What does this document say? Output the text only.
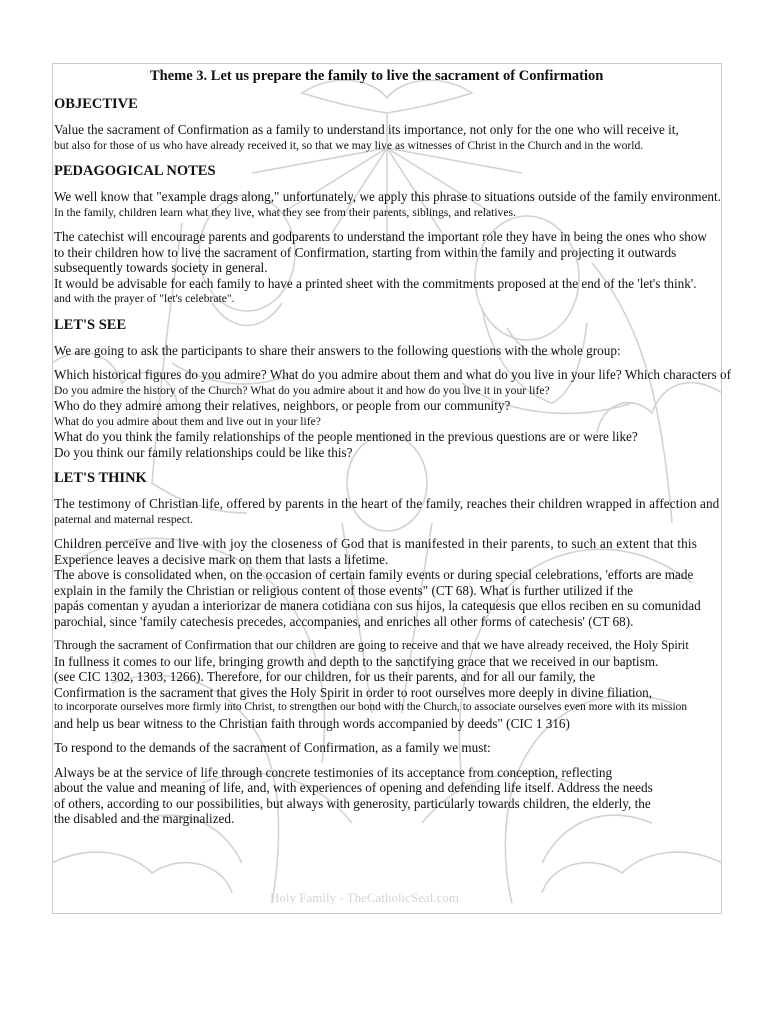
Theme 3. Let us prepare the family to live the sacrament of Confirmation
OBJECTIVE
Value the sacrament of Confirmation as a family to understand its importance, not only for the one who will receive it,
but also for those of us who have already received it, so that we may live as witnesses of Christ in the Church and in the world.
PEDAGOGICAL NOTES
We well know that "example drags along," unfortunately, we apply this phrase to situations outside of the family environment.
In the family, children learn what they live, what they see from their parents, siblings, and relatives.
The catechist will encourage parents and godparents to understand the important role they have in being the ones who show
to their children how to live the sacrament of Confirmation, starting from within the family and projecting it outwards
subsequently towards society in general.
It would be advisable for each family to have a printed sheet with the commitments proposed at the end of the 'let's think'.
and with the prayer of "let's celebrate".
LET'S SEE
We are going to ask the participants to share their answers to the following questions with the whole group:
Which historical figures do you admire? What do you admire about them and what do you live in your life? Which characters of
Do you admire the history of the Church? What do you admire about it and how do you live it in your life?
Who do they admire among their relatives, neighbors, or people from our community?
What do you admire about them and live out in your life?
What do you think the family relationships of the people mentioned in the previous questions are or were like?
Do you think our family relationships could be like this?
LET'S THINK
The testimony of Christian life, offered by parents in the heart of the family, reaches their children wrapped in affection and
paternal and maternal respect.
Children perceive and live with joy the closeness of God that is manifested in their parents, to such an extent that this
Experience leaves a decisive mark on them that lasts a lifetime.
The above is consolidated when, on the occasion of certain family events or during special celebrations, 'efforts are made
explain in the family the Christian or religious content of those events" (CT 68). What is further utilized if the
papás comentan y ayudan a interiorizar de manera cotidiana con sus hijos, la catequesis que ellos reciben en su comunidad
parochial, since 'family catechesis precedes, accompanies, and enriches all other forms of catechesis' (CT 68).
Through the sacrament of Confirmation that our children are going to receive and that we have already received, the Holy Spirit
In fullness it comes to our life, bringing growth and depth to the sanctifying grace that we received in our baptism.
(see CIC 1302, 1303, 1266). Therefore, for our children, for us their parents, and for all our family, the
Confirmation is the sacrament that gives the Holy Spirit in order to root ourselves more deeply in divine filiation,
to incorporate ourselves more firmly into Christ, to strengthen our bond with the Church, to associate ourselves even more with its mission
and help us bear witness to the Christian faith through words accompanied by deeds" (CIC 1 316)
To respond to the demands of the sacrament of Confirmation, as a family we must:
Always be at the service of life through concrete testimonies of its acceptance from conception, reflecting
about the value and meaning of life, and, with experiences of opening and defending life itself. Address the needs
of others, according to our possibilities, but always with generosity, particularly towards children, the elderly, the
the disabled and the marginalized.
Holy Family - TheCatholicSeal.com
